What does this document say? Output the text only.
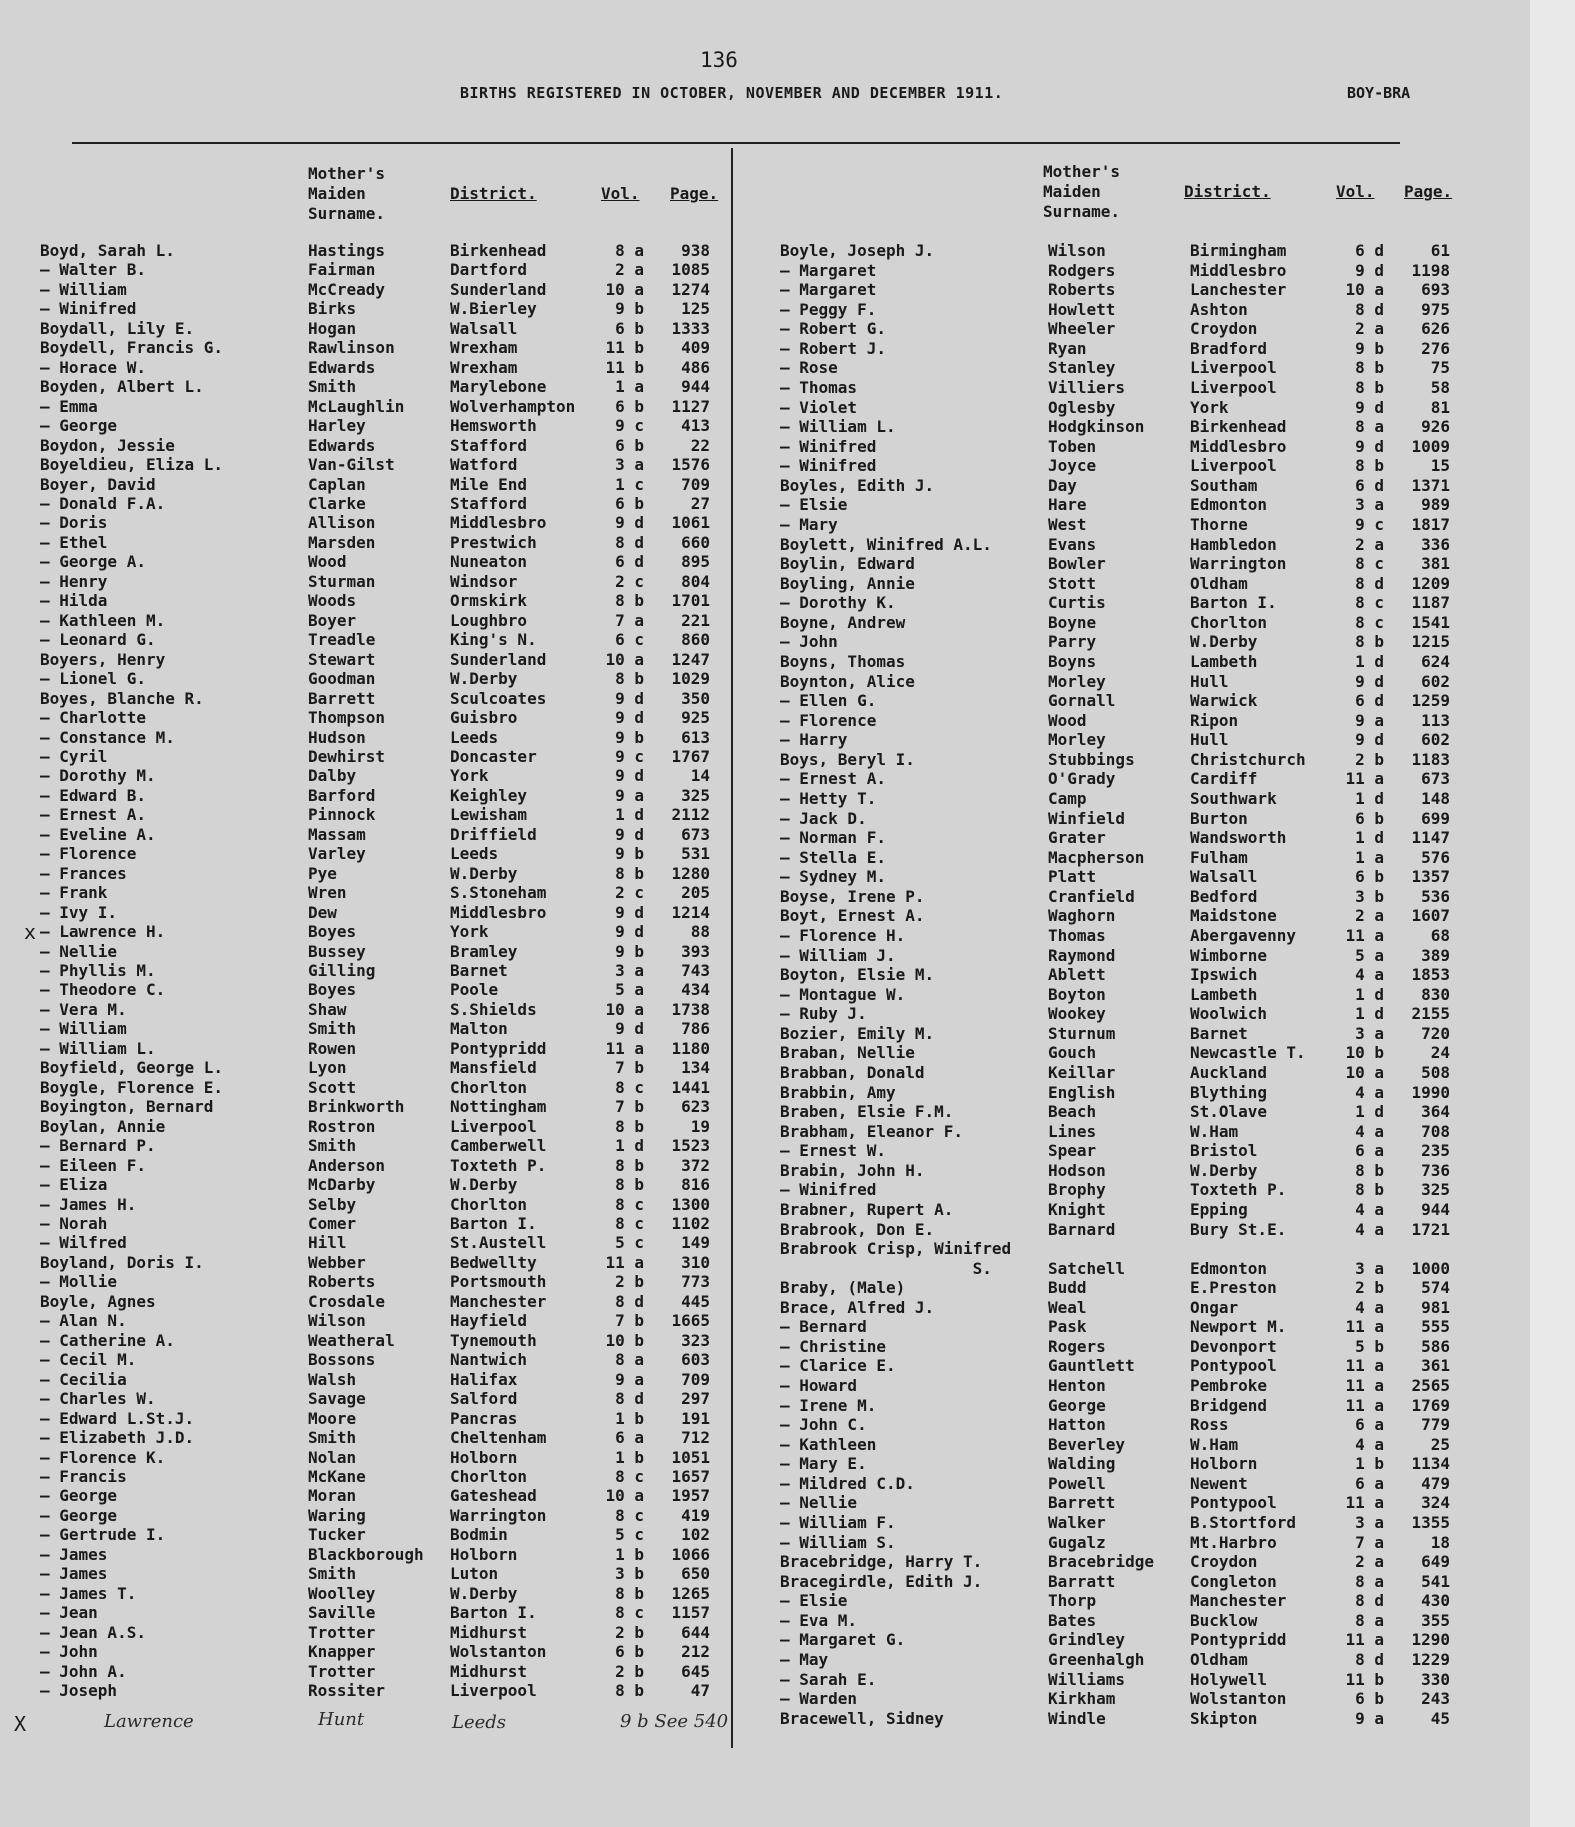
136
BIRTHS REGISTERED IN OCTOBER, NOVEMBER AND DECEMBER 1911.	BOY-BRA
Mother's Maiden Surname.
District.	Vol. Page.
Mother's Maiden Surname.
District.	Vol. Page.
Boyd, Sarah L.	Hastings	Birkenhead	8 a	938
— Walter B.	Fairman	Dartford	2 a	1085
— William	McCready	Sunderland	10 a	1274
— Winifred	Birks	W.Bierley	9 b	125
Boydall, Lily E.	Hogan	Walsall	6 b	1333
Boydell, Francis G.	Rawlinson	Wrexham	11 b	409
— Horace W.	Edwards	Wrexham	11 b	486
Boyden, Albert L.	Smith	Marylebone	1 a	944
— Emma	McLaughlin	Wolverhampton	6 b	1127
— George	Harley	Hemsworth	9 c	413
Boydon, Jessie	Edwards	Stafford	6 b	22
Boyeldieu, Eliza L.	Van-Gilst	Watford	3 a	1576
Boyer, David	Caplan	Mile End	1 c	709
— Donald F.A.	Clarke	Stafford	6 b	27
— Doris	Allison	Middlesbro	9 d	1061
— Ethel	Marsden	Prestwich	8 d	660
— George A.	Wood	Nuneaton	6 d	895
— Henry	Sturman	Windsor	2 c	804
— Hilda	Woods	Ormskirk	8 b	1701
— Kathleen M.	Boyer	Loughbro	7 a	221
— Leonard G.	Treadle	King's N.	6 c	860
Boyers, Henry	Stewart	Sunderland	10 a	1247
— Lionel G.	Goodman	W.Derby	8 b	1029
Boyes, Blanche R.	Barrett	Sculcoates	9 d	350
— Charlotte	Thompson	Guisbro	9 d	925
— Constance M.	Hudson	Leeds	9 b	613
— Cyril	Dewhirst	Doncaster	9 c	1767
— Dorothy M.	Dalby	York	9 d	14
— Edward B.	Barford	Keighley	9 a	325
— Ernest A.	Pinnock	Lewisham	1 d	2112
— Eveline A.	Massam	Driffield	9 d	673
— Florence	Varley	Leeds	9 b	531
— Frances	Pye	W.Derby	8 b	1280
— Frank	Wren	S.Stoneham	2 c	205
— Ivy I.	Dew	Middlesbro	9 d	1214
— Lawrence H.	Boyes	York	9 d	88
— Nellie	Bussey	Bramley	9 b	393
— Phyllis M.	Gilling	Barnet	3 a	743
— Theodore C.	Boyes	Poole	5 a	434
— Vera M.	Shaw	S.Shields	10 a	1738
— William	Smith	Malton	9 d	786
— William L.	Rowen	Pontypridd	11 a	1180
Boyfield, George L.	Lyon	Mansfield	7 b	134
Boygle, Florence E.	Scott	Chorlton	8 c	1441
Boyington, Bernard	Brinkworth	Nottingham	7 b	623
Boylan, Annie	Rostron	Liverpool	8 b	19
— Bernard P.	Smith	Camberwell	1 d	1523
— Eileen F.	Anderson	Toxteth P.	8 b	372
— Eliza	McDarby	W.Derby	8 b	816
— James H.	Selby	Chorlton	8 c	1300
— Norah	Comer	Barton I.	8 c	1102
— Wilfred	Hill	St.Austell	5 c	149
Boyland, Doris I.	Webber	Bedwellty	11 a	310
— Mollie	Roberts	Portsmouth	2 b	773
Boyle, Agnes	Crosdale	Manchester	8 d	445
— Alan N.	Wilson	Hayfield	7 b	1665
— Catherine A.	Weatheral	Tynemouth	10 b	323
— Cecil M.	Bossons	Nantwich	8 a	603
— Cecilia	Walsh	Halifax	9 a	709
— Charles W.	Savage	Salford	8 d	297
— Edward L.St.J.	Moore	Pancras	1 b	191
— Elizabeth J.D.	Smith	Cheltenham	6 a	712
— Florence K.	Nolan	Holborn	1 b	1051
— Francis	McKane	Chorlton	8 c	1657
— George	Moran	Gateshead	10 a	1957
— George	Waring	Warrington	8 c	419
— Gertrude I.	Tucker	Bodmin	5 c	102
— James	Blackborough	Holborn	1 b	1066
— James	Smith	Luton	3 b	650
— James T.	Woolley	W.Derby	8 b	1265
— Jean	Saville	Barton I.	8 c	1157
— Jean A.S.	Trotter	Midhurst	2 b	644
— John	Knapper	Wolstanton	6 b	212
— John A.	Trotter	Midhurst	2 b	645
— Joseph	Rossiter	Liverpool	8 b	47
Boyle, Joseph J.	Wilson	Birmingham	6 d	61
— Margaret	Rodgers	Middlesbro	9 d	1198
— Margaret	Roberts	Lanchester	10 a	693
— Peggy F.	Howlett	Ashton	8 d	975
— Robert G.	Wheeler	Croydon	2 a	626
— Robert J.	Ryan	Bradford	9 b	276
— Rose	Stanley	Liverpool	8 b	75
— Thomas	Villiers	Liverpool	8 b	58
— Violet	Oglesby	York	9 d	81
— William L.	Hodgkinson	Birkenhead	8 a	926
— Winifred	Toben	Middlesbro	9 d	1009
— Winifred	Joyce	Liverpool	8 b	15
Boyles, Edith J.	Day	Southam	6 d	1371
— Elsie	Hare	Edmonton	3 a	989
— Mary	West	Thorne	9 c	1817
Boylett, Winifred A.L.	Evans	Hambledon	2 a	336
Boylin, Edward	Bowler	Warrington	8 c	381
Boyling, Annie	Stott	Oldham	8 d	1209
— Dorothy K.	Curtis	Barton I.	8 c	1187
Boyne, Andrew	Boyne	Chorlton	8 c	1541
— John	Parry	W.Derby	8 b	1215
Boyns, Thomas	Boyns	Lambeth	1 d	624
Boynton, Alice	Morley	Hull	9 d	602
— Ellen G.	Gornall	Warwick	6 d	1259
— Florence	Wood	Ripon	9 a	113
— Harry	Morley	Hull	9 d	602
Boys, Beryl I.	Stubbings	Christchurch	2 b	1183
— Ernest A.	O'Grady	Cardiff	11 a	673
— Hetty T.	Camp	Southwark	1 d	148
— Jack D.	Winfield	Burton	6 b	699
— Norman F.	Grater	Wandsworth	1 d	1147
— Stella E.	Macpherson	Fulham	1 a	576
— Sydney M.	Platt	Walsall	6 b	1357
Boyse, Irene P.	Cranfield	Bedford	3 b	536
Boyt, Ernest A.	Waghorn	Maidstone	2 a	1607
— Florence H.	Thomas	Abergavenny	11 a	68
— William J.	Raymond	Wimborne	5 a	389
Boyton, Elsie M.	Ablett	Ipswich	4 a	1853
— Montague W.	Boyton	Lambeth	1 d	830
— Ruby J.	Wookey	Woolwich	1 d	2155
Bozier, Emily M.	Sturnum	Barnet	3 a	720
Braban, Nellie	Gouch	Newcastle T.	10 b	24
Brabban, Donald	Keillar	Auckland	10 a	508
Brabbin, Amy	English	Blything	4 a	1990
Braben, Elsie F.M.	Beach	St.Olave	1 d	364
Brabham, Eleanor F.	Lines	W.Ham	4 a	708
— Ernest W.	Spear	Bristol	6 a	235
Brabin, John H.	Hodson	W.Derby	8 b	736
— Winifred	Brophy	Toxteth P.	8 b	325
Brabner, Rupert A.	Knight	Epping	4 a	944
Brabrook, Don E.	Barnard	Bury St.E.	4 a	1721
Brabrook Crisp, Winifred
S.	Satchell	Edmonton	3 a	1000
Braby, (Male)	Budd	E.Preston	2 b	574
Brace, Alfred J.	Weal	Ongar	4 a	981
— Bernard	Pask	Newport M.	11 a	555
— Christine	Rogers	Devonport	5 b	586
— Clarice E.	Gauntlett	Pontypool	11 a	361
— Howard	Henton	Pembroke	11 a	2565
— Irene M.	George	Bridgend	11 a	1769
— John C.	Hatton	Ross	6 a	779
— Kathleen	Beverley	W.Ham	4 a	25
— Mary E.	Walding	Holborn	1 b	1134
— Mildred C.D.	Powell	Newent	6 a	479
— Nellie	Barrett	Pontypool	11 a	324
— William F.	Walker	B.Stortford	3 a	1355
— William S.	Gugalz	Mt.Harbro	7 a	18
Bracebridge, Harry T.	Bracebridge	Croydon	2 a	649
Bracegirdle, Edith J.	Barratt	Congleton	8 a	541
— Elsie	Thorp	Manchester	8 d	430
— Eva M.	Bates	Bucklow	8 a	355
— Margaret G.	Grindley	Pontypridd	11 a	1290
— May	Greenhalgh	Oldham	8 d	1229
— Sarah E.	Williams	Holywell	11 b	330
— Warden	Kirkham	Wolstanton	6 b	243
Bracewell, Sidney	Windle	Skipton	9 a	45
x
X	Lawrence	Hunt	Leeds	9 b See 540
